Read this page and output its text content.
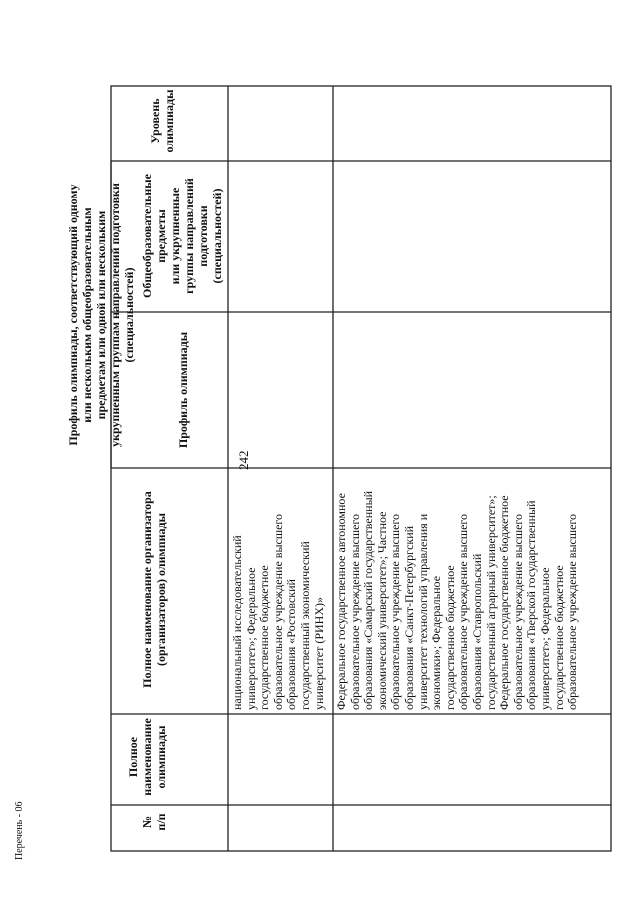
242
Перечень - 06	№ п/п
Полное наименование олимпиады
Полное наименование организатора (организаторов) олимпиады
Профиль олимпиады, соответствующий одному или нескольким общеобразовательным предметам или одной или нескольким укрупненным группам направлений подготовки (специальностей)
Профиль олимпиады
Общеобразовательные предметы или укрупненные группы направлений подготовки (специальностей)
Уровень олимпиады
национальный исследовательский университет»; Федеральное государственное бюджетное образовательное учреждение высшего образования «Ростовский государственный экономический университет (РИНХ)» Федеральное государственное автономное образовательное учреждение высшего образования «Самарский государственный экономический университет»; Частное образовательное учреждение высшего образования «Санкт-Петербургский университет технологий управления и экономики»; Федеральное государственное бюджетное образовательное учреждение высшего образования «Ставропольский государственный аграрный университет»; Федеральное государственное бюджетное образовательное учреждение высшего образования «Тверской государственный университет»; Федеральное государственное бюджетное образовательное учреждение высшего
